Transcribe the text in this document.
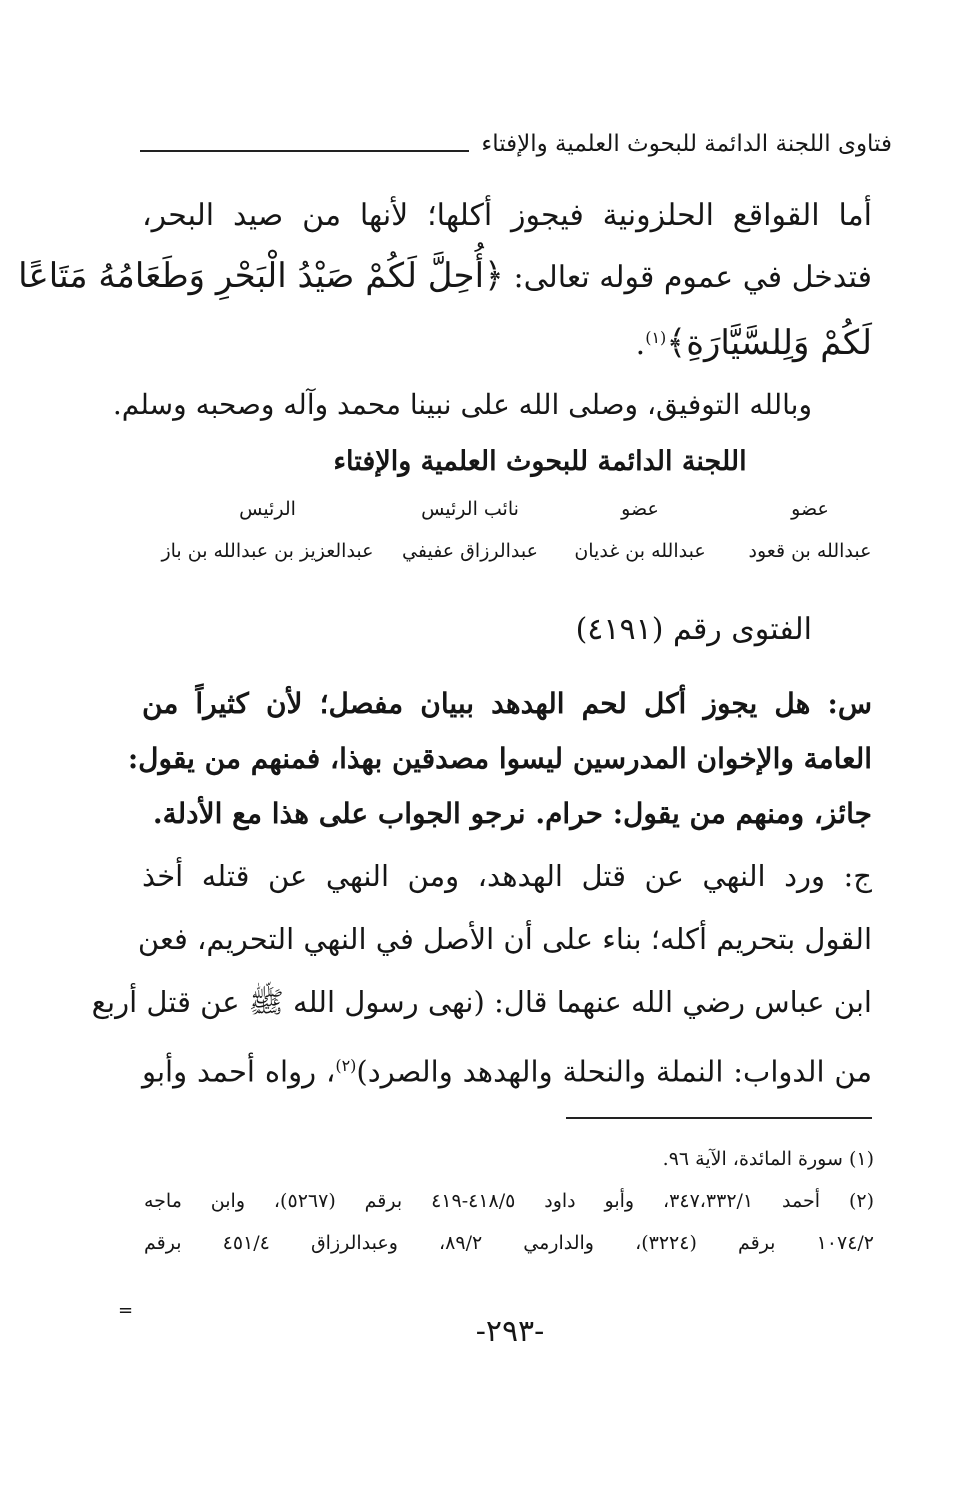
فتاوى اللجنة الدائمة للبحوث العلمية والإفتاء
أما القواقع الحلزونية فيجوز أكلها؛ لأنها من صيد البحر،
فتدخل في عموم قوله تعالى: ﴿أُحِلَّ لَكُمْ صَيْدُ الْبَحْرِ وَطَعَامُهُ مَتَاعًا
لَكُمْ وَلِلسَّيَّارَةِ﴾$^{(١)}$.
وبالله التوفيق، وصلى الله على نبينا محمد وآله وصحبه وسلم.
اللجنة الدائمة للبحوث العلمية والإفتاء
عضو
عبدالله بن قعود
عضو
عبدالله بن غديان
نائب الرئيس
عبدالرزاق عفيفي
الرئيس
عبدالعزيز بن عبدالله بن باز
الفتوى رقم (٤١٩١)
س: هل يجوز أكل لحم الهدهد ببيان مفصل؛ لأن كثيراً من
العامة والإخوان المدرسين ليسوا مصدقين بهذا، فمنهم من يقول:
جائز، ومنهم من يقول: حرام. نرجو الجواب على هذا مع الأدلة.
ج: ورد النهي عن قتل الهدهد، ومن النهي عن قتله أخذ
القول بتحريم أكله؛ بناء على أن الأصل في النهي التحريم، فعن
ابن عباس رضي الله عنهما قال: (نهى رسول الله ﷺ عن قتل أربع
من الدواب: النملة والنحلة والهدهد والصرد)$^{(٢)}$، رواه أحمد وأبو
(١) سورة المائدة، الآية ٩٦.
(٢) أحمد ٣٤٧،٣٣٢/١، وأبو داود ٤١٨/٥-٤١٩ برقم (٥٢٦٧)، وابن ماجه
١٠٧٤/٢ برقم (٣٢٢٤)، والدارمي ٨٩/٢، وعبدالرزاق ٤٥١/٤ برقم
=
-٢٩٣-
